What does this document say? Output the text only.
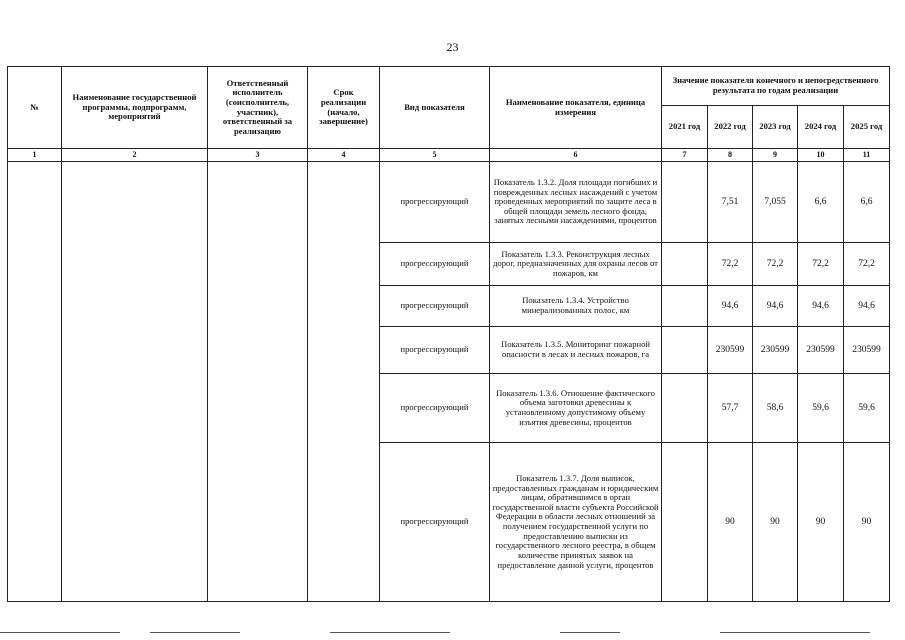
23
№	Наименование государственной программы, подпрограмм, мероприятий	Ответственный исполнитель (соисполнитель, участник), ответственный за реализацию	Срок реализации (начало, завершение)	Вид показателя	Наименование показателя, единица измерения	Значение показателя конечного и непосредственного результата по годам реализации				
						2021 год	2022 год	2023 год	2024 год	2025 год
1	2	3	4	5	6	7	8	9	10	11
				прогрессирующий	Показатель 1.3.2. Доля площади погибших и поврежденных лесных насаждений с учетом проведенных мероприятий по защите леса в общей площади земель лесного фонда, занятых лесными насаждениями, процентов		7,51	7,055	6,6	6,6
				прогрессирующий	Показатель 1.3.3. Реконструкция лесных дорог, предназначенных для охраны лесов от пожаров, км		72,2	72,2	72,2	72,2
				прогрессирующий	Показатель 1.3.4. Устройство минерализованных полос, км		94,6	94,6	94,6	94,6
				прогрессирующий	Показатель 1.3.5. Мониторинг пожарной опасности в лесах и лесных пожаров, га		230599	230599	230599	230599
				прогрессирующий	Показатель 1.3.6. Отношение фактического объема заготовки древесины к установленному допустимому объему изъятия древесины, процентов		57,7	58,6	59,6	59,6
				прогрессирующий	Показатель 1.3.7. Доля выписок, предоставленных гражданам и юридическим лицам, обратившимся в орган государственной власти субъекта Российской Федерации в области лесных отношений за получением государственной услуги по предоставлению выписки из государственного лесного реестра, в общем количестве принятых заявок на предоставление данной услуги, процентов		90	90	90	90
